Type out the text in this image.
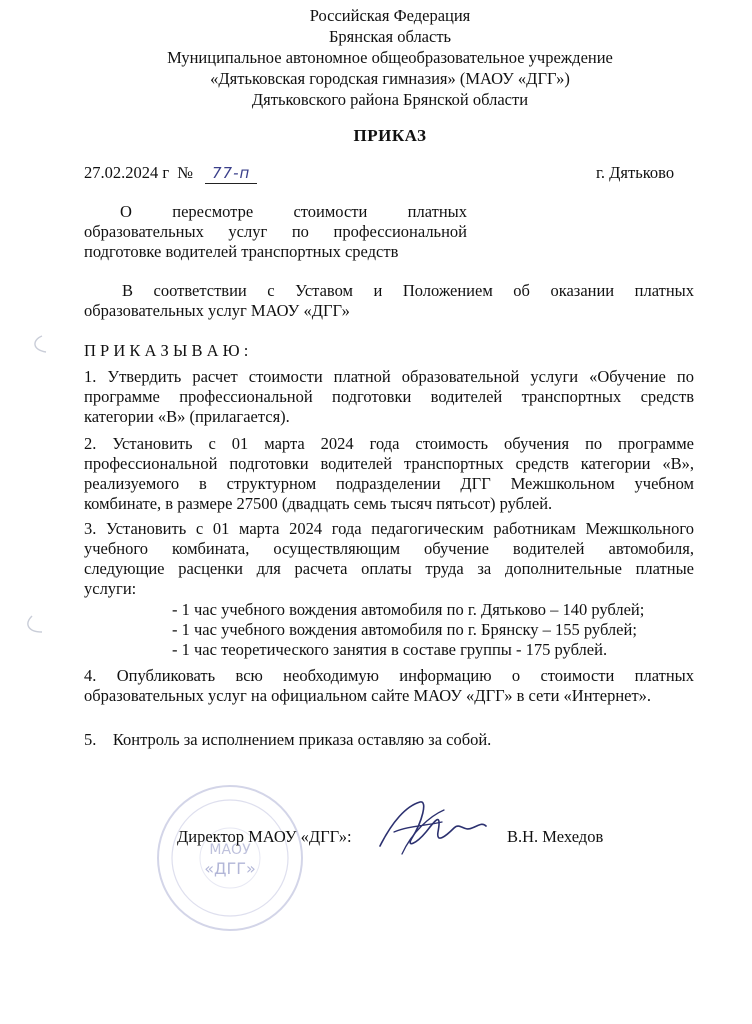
Российская Федерация
Брянская область
Муниципальное автономное общеобразовательное учреждение
«Дятьковская городская гимназия» (МАОУ «ДГГ»)
Дятьковского района Брянской области
ПРИКАЗ
27.02.2024 г № 77-п	г. Дятьково
О пересмотре стоимости платных
образовательных услуг по профессиональной
подготовке водителей транспортных средств
В соответствии с Уставом и Положением об оказании платных
образовательных услуг МАОУ «ДГГ»
П Р И К А З Ы В А Ю :
1. Утвердить расчет стоимости платной образовательной услуги «Обучение по
программе профессиональной подготовки водителей транспортных средств
категории «В» (прилагается).
2. Установить с 01 марта 2024 года стоимость обучения по программе
профессиональной подготовки водителей транспортных средств категории «В»,
реализуемого в структурном подразделении ДГГ Межшкольном учебном
комбинате, в размере 27500 (двадцать семь тысяч пятьсот) рублей.
3. Установить с 01 марта 2024 года педагогическим работникам Межшкольного
учебного комбината, осуществляющим обучение водителей автомобиля,
следующие расценки для расчета оплаты труда за дополнительные платные
услуги:
- 1 час учебного вождения автомобиля по г. Дятьково – 140 рублей;
- 1 час учебного вождения автомобиля по г. Брянску – 155 рублей;
- 1 час теоретического занятия в составе группы - 175 рублей.
4. Опубликовать всю необходимую информацию о стоимости платных
образовательных услуг на официальном сайте МАОУ «ДГГ» в сети «Интернет».
5.    Контроль за исполнением приказа оставляю за собой.
МАОУ
«ДГГ»
Директор МАОУ «ДГГ»:	В.Н. Мехедов
